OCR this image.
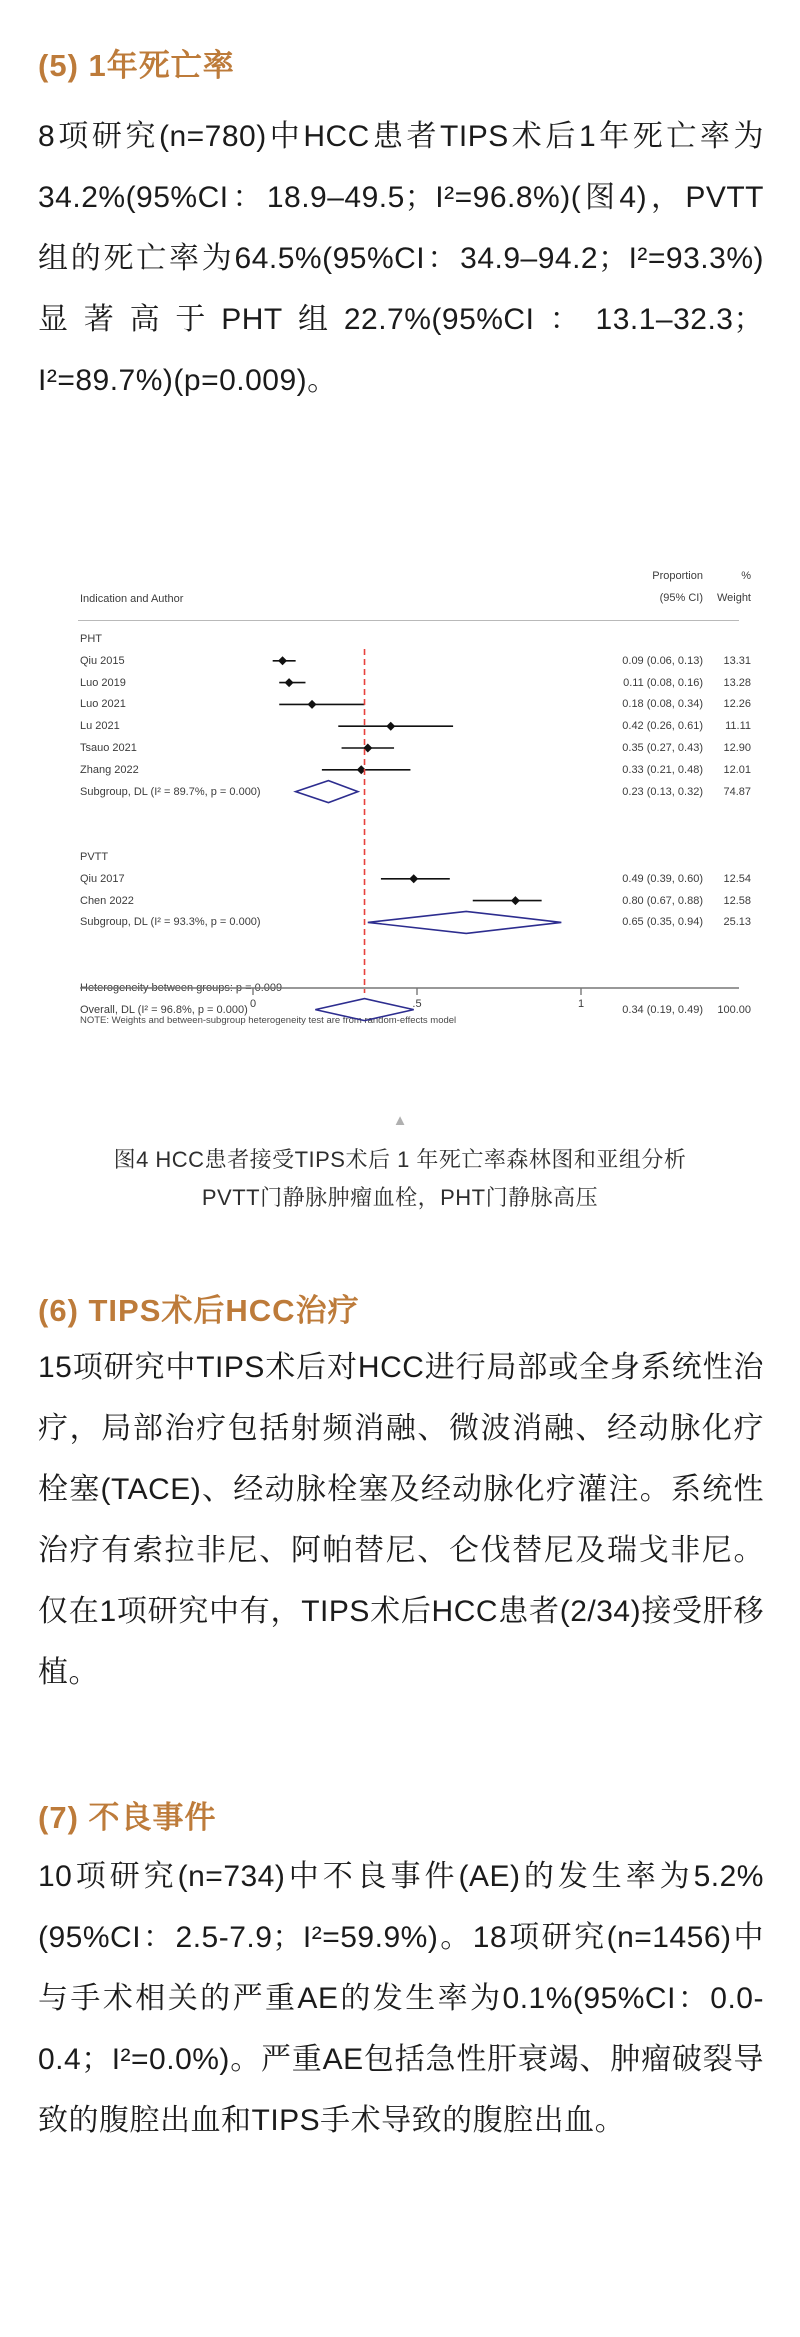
(5) 1年死亡率
8项研究(n=780)中HCC患者TIPS术后1年死亡率为34.2%(95%CI：18.9–49.5；I²=96.8%)(图4)，PVTT组的死亡率为64.5%(95%CI：34.9–94.2；I²=93.3%)显著高于PHT组22.7%(95%CI：13.1–32.3；I²=89.7%)(p=0.009)。
Proportion
(95% CI)
%
Weight
Indication and Author
NOTE: Weights and between-subgroup heterogeneity test are from random-effects model
PHT
Qiu 2015	0.09 (0.06, 0.13)	13.31
Luo 2019	0.11 (0.08, 0.16)	13.28
Luo 2021	0.18 (0.08, 0.34)	12.26
Lu 2021	0.42 (0.26, 0.61)	11.11
Tsauo 2021	0.35 (0.27, 0.43)	12.90
Zhang 2022	0.33 (0.21, 0.48)	12.01
Subgroup, DL (I² = 89.7%, p = 0.000)	0.23 (0.13, 0.32)	74.87
PVTT
Qiu 2017	0.49 (0.39, 0.60)	12.54
Chen 2022	0.80 (0.67, 0.88)	12.58
Subgroup, DL (I² = 93.3%, p = 0.000)	0.65 (0.35, 0.94)	25.13
Heterogeneity between groups: p = 0.009
Overall, DL (I² = 96.8%, p = 0.000)	0.34 (0.19, 0.49)	100.00
0	.5	1
▲
图4 HCC患者接受TIPS术后 1 年死亡率森林图和亚组分析
PVTT门静脉肿瘤血栓，PHT门静脉高压
(6) TIPS术后HCC治疗
15项研究中TIPS术后对HCC进行局部或全身系统性治疗，局部治疗包括射频消融、微波消融、经动脉化疗栓塞(TACE)、经动脉栓塞及经动脉化疗灌注。系统性治疗有索拉非尼、阿帕替尼、仑伐替尼及瑞戈非尼。仅在1项研究中有，TIPS术后HCC患者(2/34)接受肝移植。
(7) 不良事件
10项研究(n=734)中不良事件(AE)的发生率为5.2%(95%CI：2.5-7.9；I²=59.9%)。18项研究(n=1456)中与手术相关的严重AE的发生率为0.1%(95%CI：0.0-0.4；I²=0.0%)。严重AE包括急性肝衰竭、肿瘤破裂导致的腹腔出血和TIPS手术导致的腹腔出血。
